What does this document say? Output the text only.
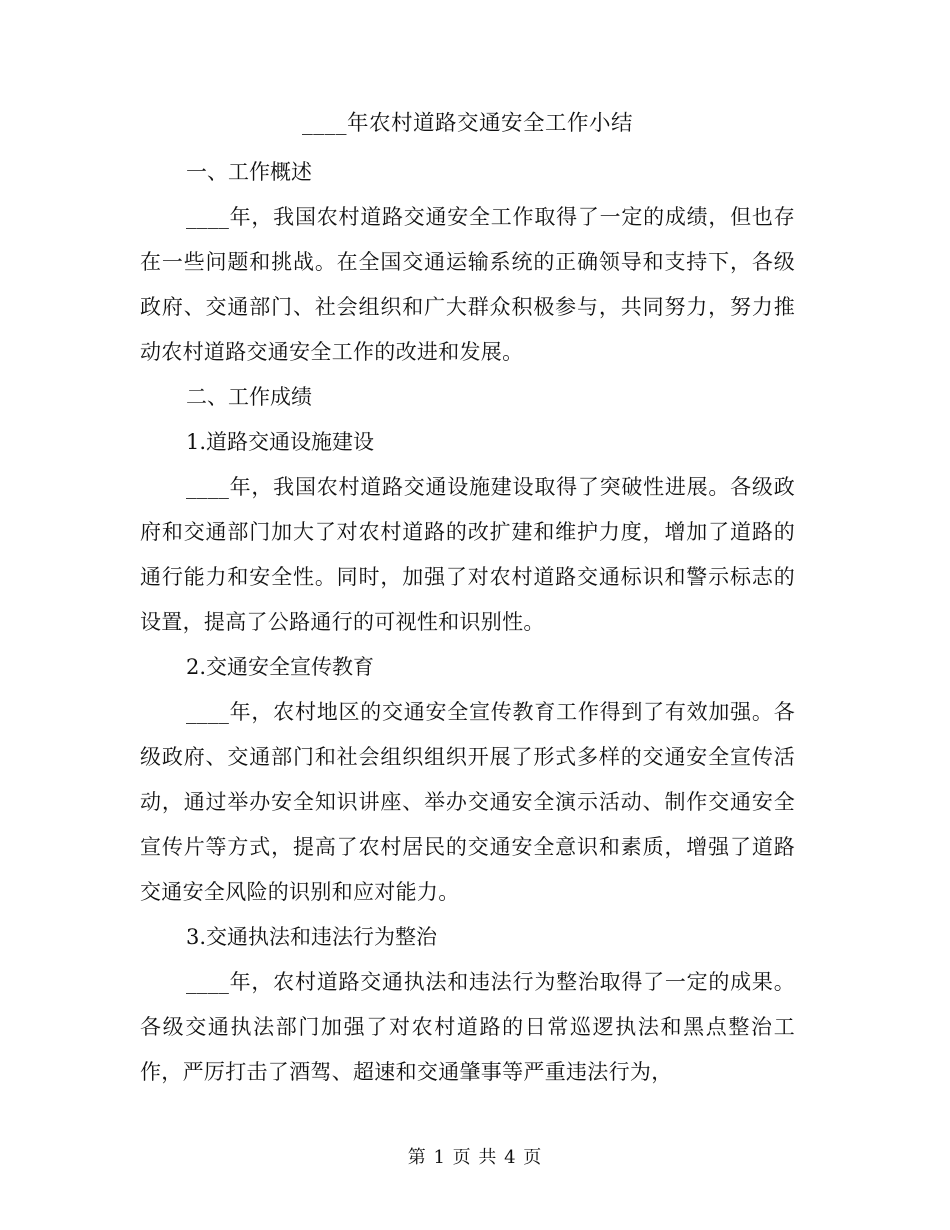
____年农村道路交通安全工作小结

一、工作概述

____年，我国农村道路交通安全工作取得了一定的成绩，但也存在一些问题和挑战。在全国交通运输系统的正确领导和支持下，各级政府、交通部门、社会组织和广大群众积极参与，共同努力，努力推动农村道路交通安全工作的改进和发展。

二、工作成绩

1.道路交通设施建设

____年，我国农村道路交通设施建设取得了突破性进展。各级政府和交通部门加大了对农村道路的改扩建和维护力度，增加了道路的通行能力和安全性。同时，加强了对农村道路交通标识和警示标志的设置，提高了公路通行的可视性和识别性。

2.交通安全宣传教育

____年，农村地区的交通安全宣传教育工作得到了有效加强。各级政府、交通部门和社会组织组织开展了形式多样的交通安全宣传活动，通过举办安全知识讲座、举办交通安全演示活动、制作交通安全宣传片等方式，提高了农村居民的交通安全意识和素质，增强了道路交通安全风险的识别和应对能力。

3.交通执法和违法行为整治

____年，农村道路交通执法和违法行为整治取得了一定的成果。各级交通执法部门加强了对农村道路的日常巡逻执法和黑点整治工作，严厉打击了酒驾、超速和交通肇事等严重违法行为，

第 1 页 共 4 页
